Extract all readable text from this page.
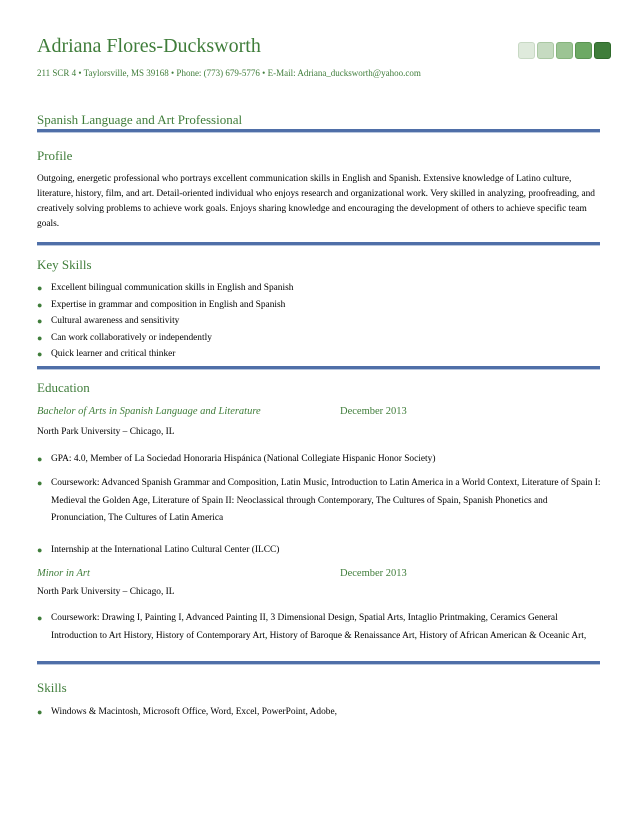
Adriana Flores-Ducksworth
211 SCR 4 • Taylorsville, MS 39168 • Phone: (773) 679-5776 • E-Mail: Adriana_ducksworth@yahoo.com
Spanish Language and Art Professional
Profile
Outgoing, energetic professional who portrays excellent communication skills in English and Spanish. Extensive knowledge of Latino culture, literature, history, film, and art. Detail-oriented individual who enjoys research and organizational work. Very skilled in analyzing, proofreading, and creatively solving problems to achieve work goals. Enjoys sharing knowledge and encouraging the development of others to achieve specific team goals.
Key Skills
● Excellent bilingual communication skills in English and Spanish
● Expertise in grammar and composition in English and Spanish
● Cultural awareness and sensitivity
● Can work collaboratively or independently
● Quick learner and critical thinker
Education
Bachelor of Arts in Spanish Language and Literature	December 2013
North Park University – Chicago, IL
● GPA: 4.0, Member of La Sociedad Honoraria Hispánica (National Collegiate Hispanic Honor Society)
● Coursework: Advanced Spanish Grammar and Composition, Latin Music, Introduction to Latin America in a World Context, Literature of Spain I: Medieval the Golden Age, Literature of Spain II: Neoclassical through Contemporary, The Cultures of Spain, Spanish Phonetics and Pronunciation, The Cultures of Latin America
● Internship at the International Latino Cultural Center (ILCC)
Minor in Art	December 2013
North Park University – Chicago, IL
● Coursework: Drawing I, Painting I, Advanced Painting II, 3 Dimensional Design, Spatial Arts, Intaglio Printmaking, Ceramics General Introduction to Art History, History of Contemporary Art, History of Baroque & Renaissance Art, History of African American & Oceanic Art,
Skills
● Windows & Macintosh, Microsoft Office, Word, Excel, PowerPoint, Adobe,
